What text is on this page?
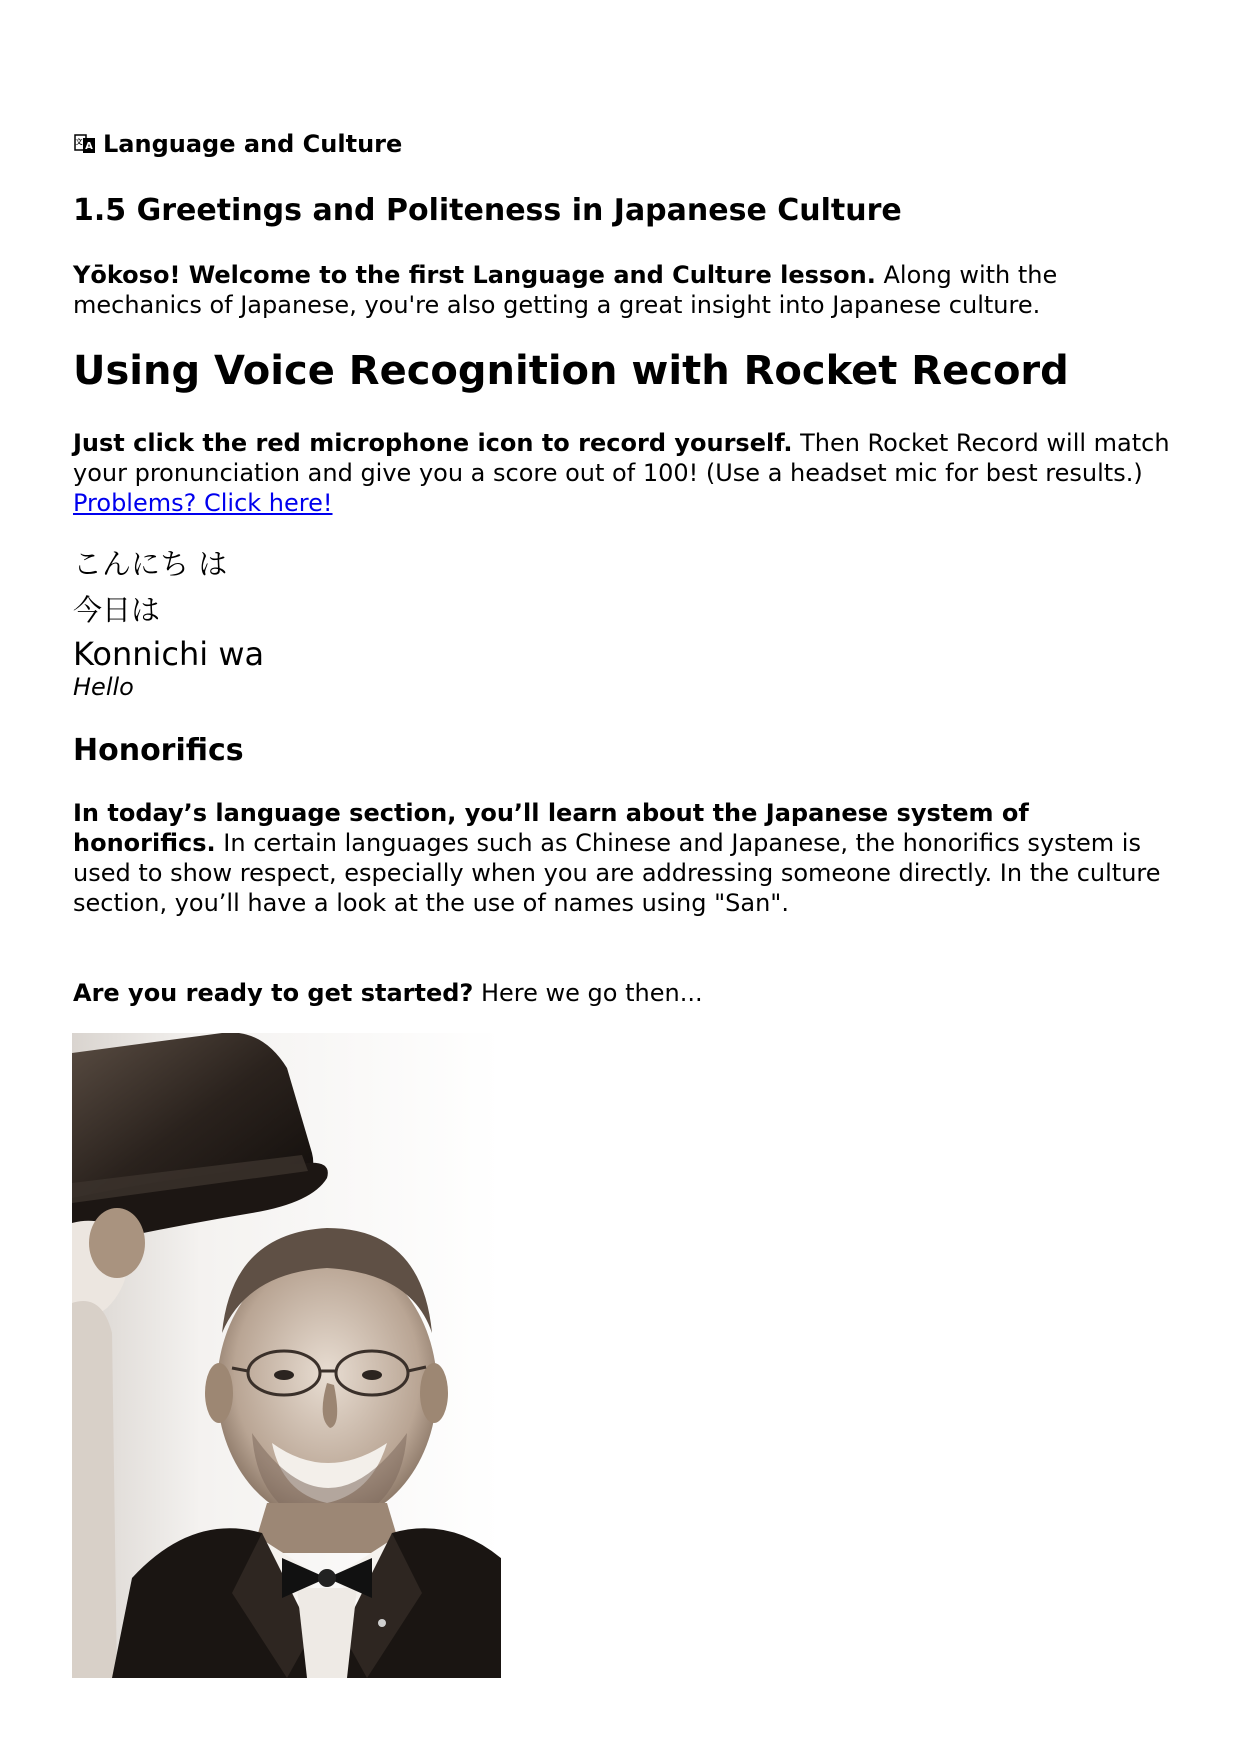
A
文 Language and Culture
1.5 Greetings and Politeness in Japanese Culture

Yōkoso! Welcome to the first Language and Culture lesson. Along with the mechanics of Japanese, you're also getting a great insight into Japanese culture.

Using Voice Recognition with Rocket Record

Just click the red microphone icon to record yourself. Then Rocket Record will match your pronunciation and give you a score out of 100! (Use a headset mic for best results.) Problems? Click here!

こんにち は
今日は
Konnichi wa
Hello
Honorifics

In today’s language section, you’ll learn about the Japanese system of honorifics. In certain languages such as Chinese and Japanese, the honorifics system is used to show respect, especially when you are addressing someone directly. In the culture section, you’ll have a look at the use of names using "San".

Are you ready to get started? Here we go then...
